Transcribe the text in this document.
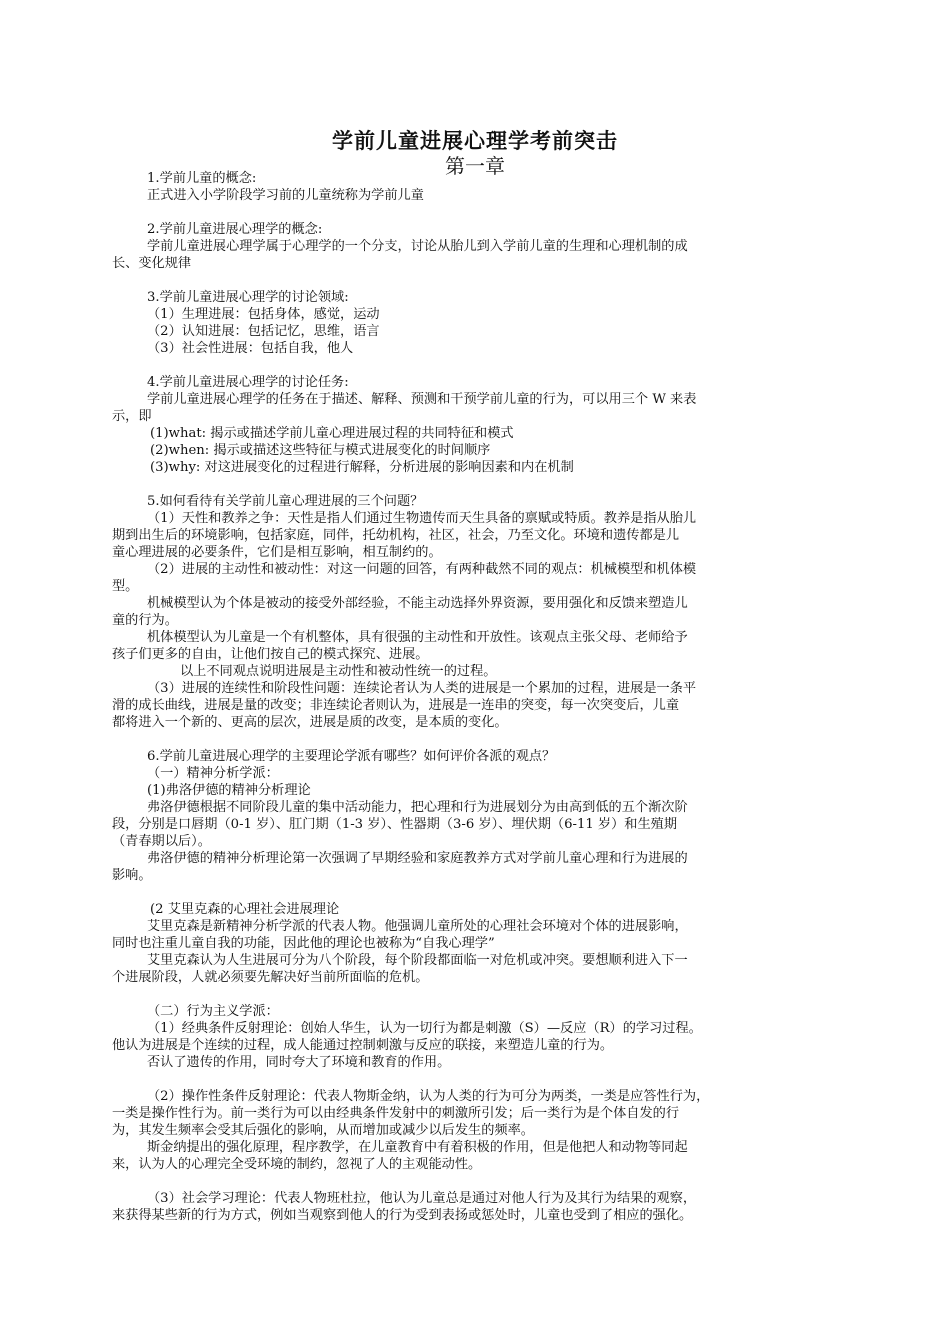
学前儿童进展心理学考前突击
第一章
1.学前儿童的概念:
正式进入小学阶段学习前的儿童统称为学前儿童
2.学前儿童进展心理学的概念:
学前儿童进展心理学属于心理学的一个分支，讨论从胎儿到入学前儿童的生理和心理机制的成
长、变化规律
3.学前儿童进展心理学的讨论领域:
（1）生理进展：包括身体，感觉，运动
（2）认知进展：包括记忆，思维，语言
（3）社会性进展：包括自我，他人
4.学前儿童进展心理学的讨论任务:
学前儿童进展心理学的任务在于描述、解释、预测和干预学前儿童的行为，可以用三个 W 来表
示，即
(1)what: 揭示或描述学前儿童心理进展过程的共同特征和模式
(2)when: 揭示或描述这些特征与模式进展变化的时间顺序
(3)why: 对这进展变化的过程进行解释，分析进展的影响因素和内在机制
5.如何看待有关学前儿童心理进展的三个问题？
（1）天性和教养之争：天性是指人们通过生物遗传而天生具备的禀赋或特质。教养是指从胎儿
期到出生后的环境影响，包括家庭，同伴，托幼机构，社区，社会，乃至文化。环境和遗传都是儿
童心理进展的必要条件，它们是相互影响，相互制约的。
（2）进展的主动性和被动性：对这一问题的回答，有两种截然不同的观点：机械模型和机体模
型。
机械模型认为个体是被动的接受外部经验，不能主动选择外界资源，要用强化和反馈来塑造儿
童的行为。
机体模型认为儿童是一个有机整体，具有很强的主动性和开放性。该观点主张父母、老师给予
孩子们更多的自由，让他们按自己的模式探究、进展。
以上不同观点说明进展是主动性和被动性统一的过程。
（3）进展的连续性和阶段性问题：连续论者认为人类的进展是一个累加的过程，进展是一条平
滑的成长曲线，进展是量的改变；非连续论者则认为，进展是一连串的突变，每一次突变后，儿童
都将进入一个新的、更高的层次，进展是质的改变，是本质的变化。
6.学前儿童进展心理学的主要理论学派有哪些？如何评价各派的观点？
（一）精神分析学派：
(1)弗洛伊德的精神分析理论
弗洛伊德根据不同阶段儿童的集中活动能力，把心理和行为进展划分为由高到低的五个渐次阶
段，分别是口唇期（0-1 岁）、肛门期（1-3 岁）、性器期（3-6 岁）、埋伏期（6-11 岁）和生殖期
（青春期以后）。
弗洛伊德的精神分析理论第一次强调了早期经验和家庭教养方式对学前儿童心理和行为进展的
影响。
(2 艾里克森的心理社会进展理论
艾里克森是新精神分析学派的代表人物。他强调儿童所处的心理社会环境对个体的进展影响，
同时也注重儿童自我的功能，因此他的理论也被称为“自我心理学”
艾里克森认为人生进展可分为八个阶段，每个阶段都面临一对危机或冲突。要想顺利进入下一
个进展阶段，人就必须要先解决好当前所面临的危机。
（二）行为主义学派：
（1）经典条件反射理论：创始人华生，认为一切行为都是刺激（S）—反应（R）的学习过程。
他认为进展是个连续的过程，成人能通过控制刺激与反应的联接，来塑造儿童的行为。
否认了遗传的作用，同时夸大了环境和教育的作用。
（2）操作性条件反射理论：代表人物斯金纳，认为人类的行为可分为两类，一类是应答性行为，
一类是操作性行为。前一类行为可以由经典条件发射中的刺激所引发；后一类行为是个体自发的行
为，其发生频率会受其后强化的影响，从而增加或减少以后发生的频率。
斯金纳提出的强化原理，程序教学，在儿童教育中有着积极的作用，但是他把人和动物等同起
来，认为人的心理完全受环境的制约，忽视了人的主观能动性。
（3）社会学习理论：代表人物班杜拉，他认为儿童总是通过对他人行为及其行为结果的观察，
来获得某些新的行为方式，例如当观察到他人的行为受到表扬或惩处时，儿童也受到了相应的强化。
